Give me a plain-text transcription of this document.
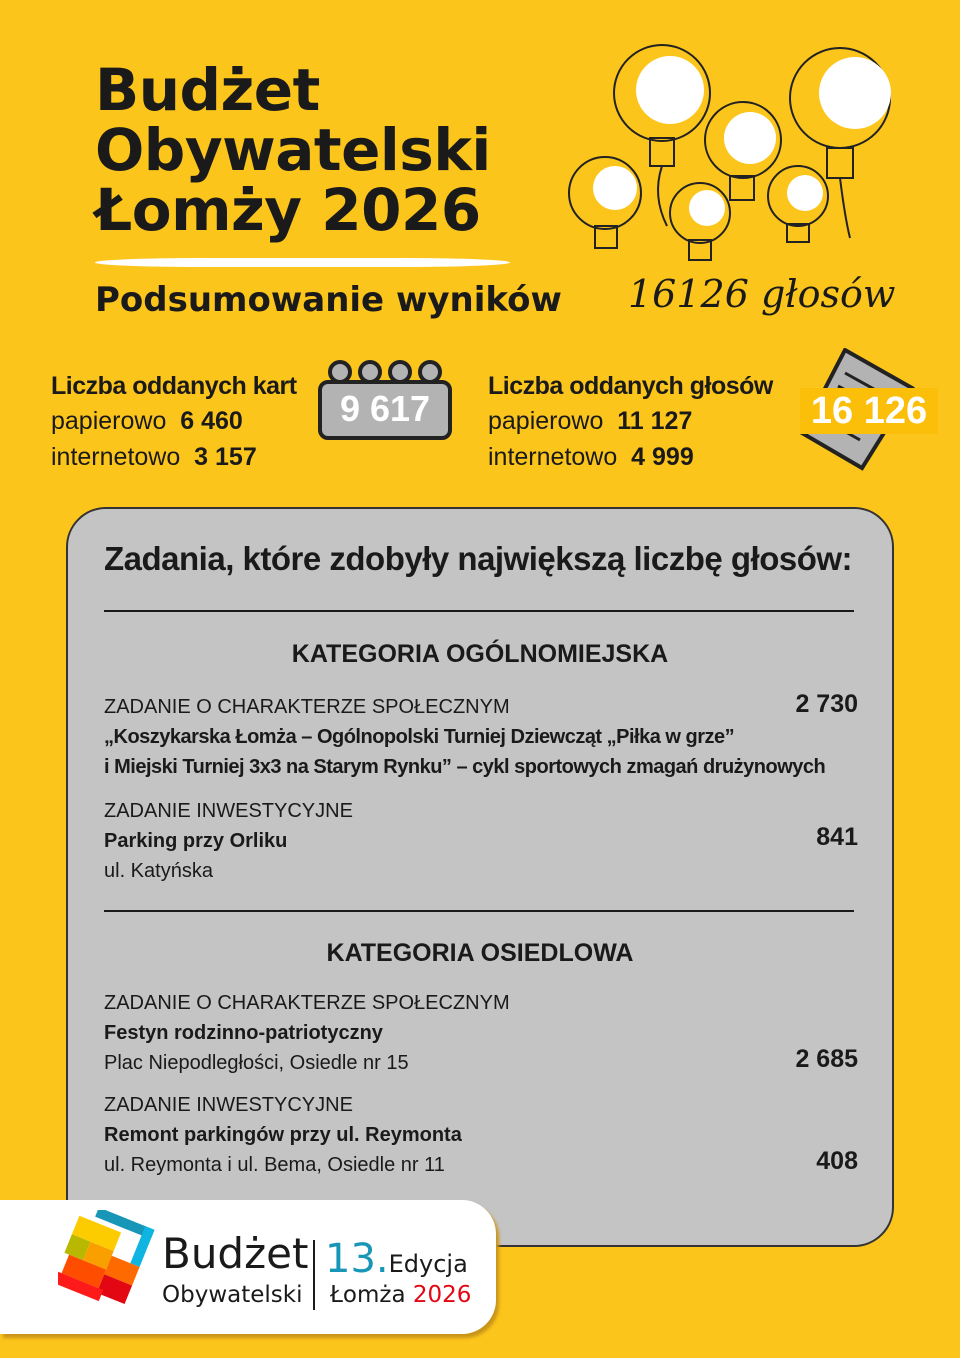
Budżet
Obywatelski
Łomży 2026
Podsumowanie wyników 16126 głosów
Liczba oddanych kart
papierowo 6 460
internetowo 3 157
9 617
Liczba oddanych głosów
papierowo 11 127
internetowo 4 999
16 126
Zadania, które zdobyły największą liczbę głosów:
KATEGORIA OGÓLNOMIEJSKA
ZADANIE O CHARAKTERZE SPOŁECZNYM
„Koszykarska Łomża – Ogólnopolski Turniej Dziewcząt „Piłka w grze”
i Miejski Turniej 3x3 na Starym Rynku” – cykl sportowych zmagań drużynowych
2 730
ZADANIE INWESTYCYJNE
Parking przy Orliku
ul. Katyńska
841
KATEGORIA OSIEDLOWA
ZADANIE O CHARAKTERZE SPOŁECZNYM
Festyn rodzinno-patriotyczny
Plac Niepodległości, Osiedle nr 15	2 685
ZADANIE INWESTYCYJNE
Remont parkingów przy ul. Reymonta
ul. Reymonta i ul. Bema, Osiedle nr 11	408
Budżet
Obywatelski
13.Edycja
Łomża 2026
